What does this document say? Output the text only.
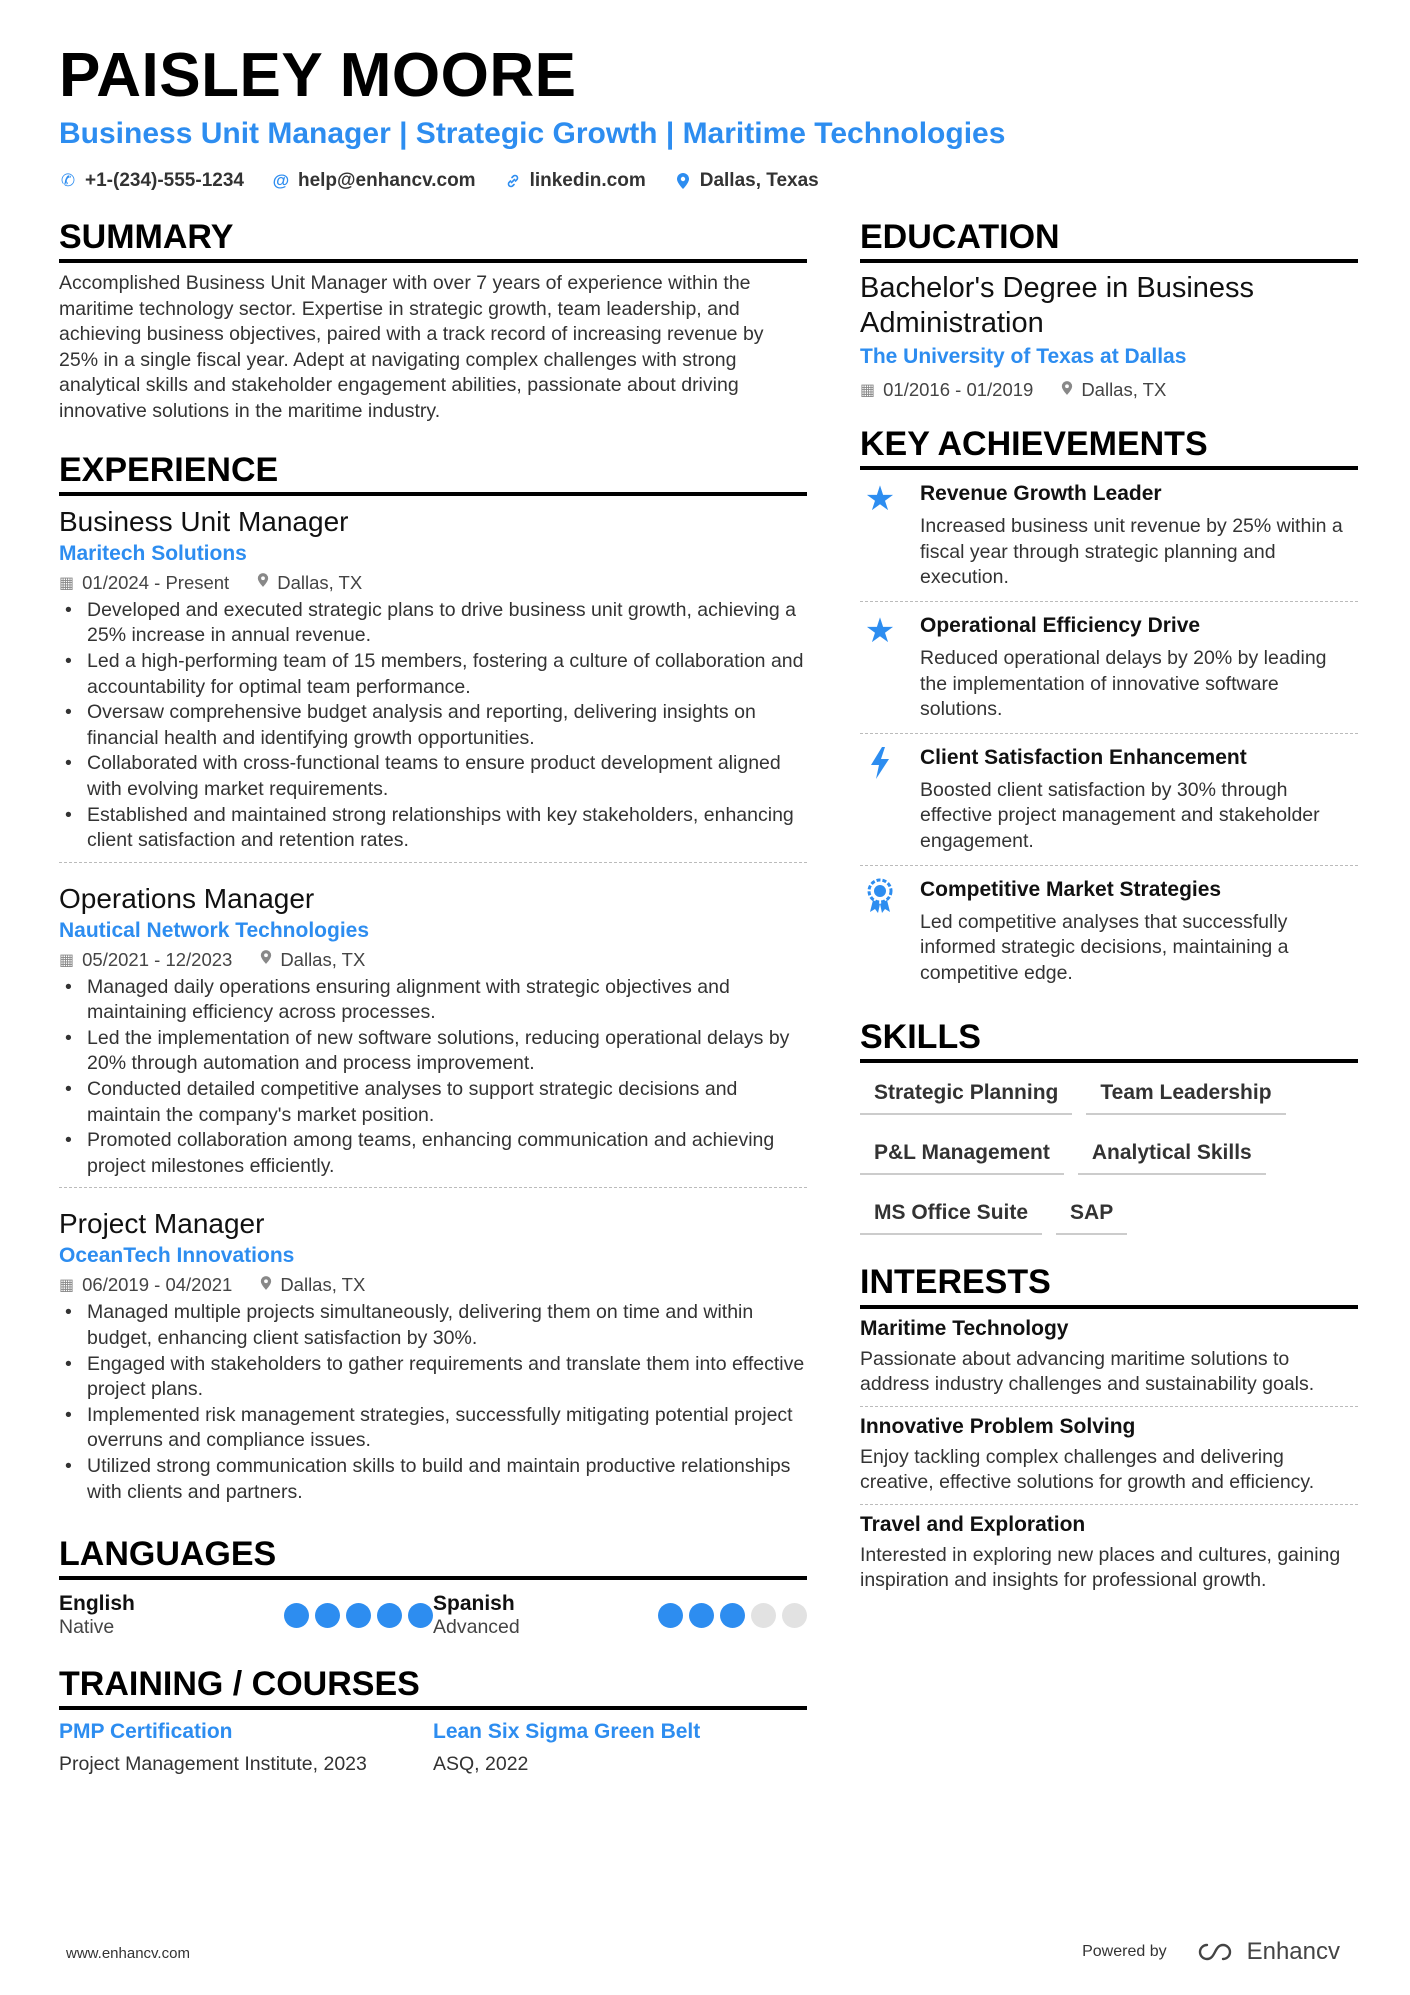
PAISLEY MOORE
Business Unit Manager | Strategic Growth | Maritime Technologies
✆ +1-(234)-555-1234 @ help@enhancv.com	linkedin.com	Dallas, Texas
SUMMARY

Accomplished Business Unit Manager with over 7 years of experience within the maritime technology sector. Expertise in strategic growth, team leadership, and achieving business objectives, paired with a track record of increasing revenue by 25% in a single fiscal year. Adept at navigating complex challenges with strong analytical skills and stakeholder engagement abilities, passionate about driving innovative solutions in the maritime industry.

EXPERIENCE
Business Unit Manager
Maritech Solutions
▦ 01/2024 - Present	Dallas, TX
• Developed and executed strategic plans to drive business unit growth, achieving a 25% increase in annual revenue.
• Led a high-performing team of 15 members, fostering a culture of collaboration and accountability for optimal team performance.
• Oversaw comprehensive budget analysis and reporting, delivering insights on financial health and identifying growth opportunities.
• Collaborated with cross-functional teams to ensure product development aligned with evolving market requirements.
• Established and maintained strong relationships with key stakeholders, enhancing client satisfaction and retention rates.
Operations Manager
Nautical Network Technologies
▦ 05/2021 - 12/2023	Dallas, TX
• Managed daily operations ensuring alignment with strategic objectives and maintaining efficiency across processes.
• Led the implementation of new software solutions, reducing operational delays by 20% through automation and process improvement.
• Conducted detailed competitive analyses to support strategic decisions and maintain the company's market position.
• Promoted collaboration among teams, enhancing communication and achieving project milestones efficiently.
Project Manager
OceanTech Innovations
▦ 06/2019 - 04/2021	Dallas, TX
• Managed multiple projects simultaneously, delivering them on time and within budget, enhancing client satisfaction by 30%.
• Engaged with stakeholders to gather requirements and translate them into effective project plans.
• Implemented risk management strategies, successfully mitigating potential project overruns and compliance issues.
• Utilized strong communication skills to build and maintain productive relationships with clients and partners.
LANGUAGES
English
Native
Spanish
Advanced
TRAINING / COURSES
PMP Certification
Project Management Institute, 2023
Lean Six Sigma Green Belt
ASQ, 2022
EDUCATION
Bachelor's Degree in Business Administration
The University of Texas at Dallas
▦ 01/2016 - 01/2019	Dallas, TX
KEY ACHIEVEMENTS
★ Revenue Growth Leader
Increased business unit revenue by 25% within a fiscal year through strategic planning and execution.
★ Operational Efficiency Drive
Reduced operational delays by 20% by leading the implementation of innovative software solutions.
Client Satisfaction Enhancement
Boosted client satisfaction by 30% through effective project management and stakeholder engagement.
Competitive Market Strategies
Led competitive analyses that successfully informed strategic decisions, maintaining a competitive edge.
SKILLS
Strategic Planning	Team Leadership
P&L Management	Analytical Skills
MS Office Suite	SAP
INTERESTS
Maritime Technology
Passionate about advancing maritime solutions to address industry challenges and sustainability goals.
Innovative Problem Solving
Enjoy tackling complex challenges and delivering creative, effective solutions for growth and efficiency.
Travel and Exploration
Interested in exploring new places and cultures, gaining inspiration and insights for professional growth.
www.enhancv.com	Powered by	Enhancv
